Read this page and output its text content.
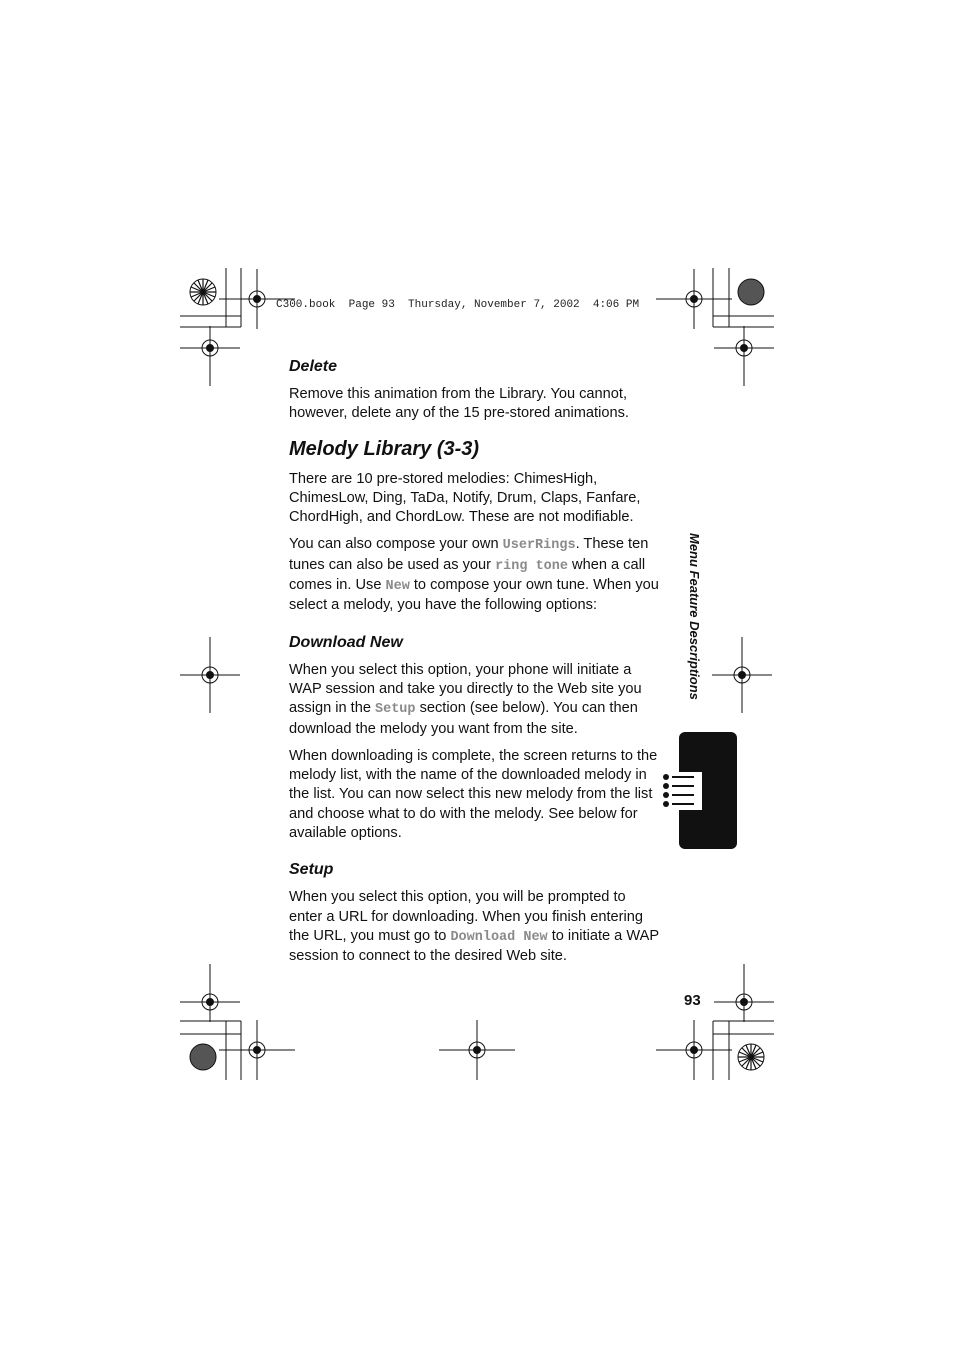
C300.book  Page 93  Thursday, November 7, 2002  4:06 PM
Delete

Remove this animation from the Library. You cannot, however, delete any of the 15 pre-stored animations.

Melody Library (3-3)

There are 10 pre-stored melodies: ChimesHigh, ChimesLow, Ding, TaDa, Notify, Drum, Claps, Fanfare, ChordHigh, and ChordLow. These are not modifiable.

You can also compose your own UserRings. These ten tunes can also be used as your ring tone when a call comes in. Use New to compose your own tune. When you select a melody, you have the following options:

Download New

When you select this option, your phone will initiate a WAP session and take you directly to the Web site you assign in the Setup section (see below). You can then download the melody you want from the site.

When downloading is complete, the screen returns to the melody list, with the name of the downloaded melody in the list. You can now select this new melody from the list and choose what to do with the melody. See below for available options.

Setup

When you select this option, you will be prompted to enter a URL for downloading. When you finish entering the URL, you must go to Download New to initiate a WAP session to connect to the desired Web site.

Menu Feature Descriptions
93
